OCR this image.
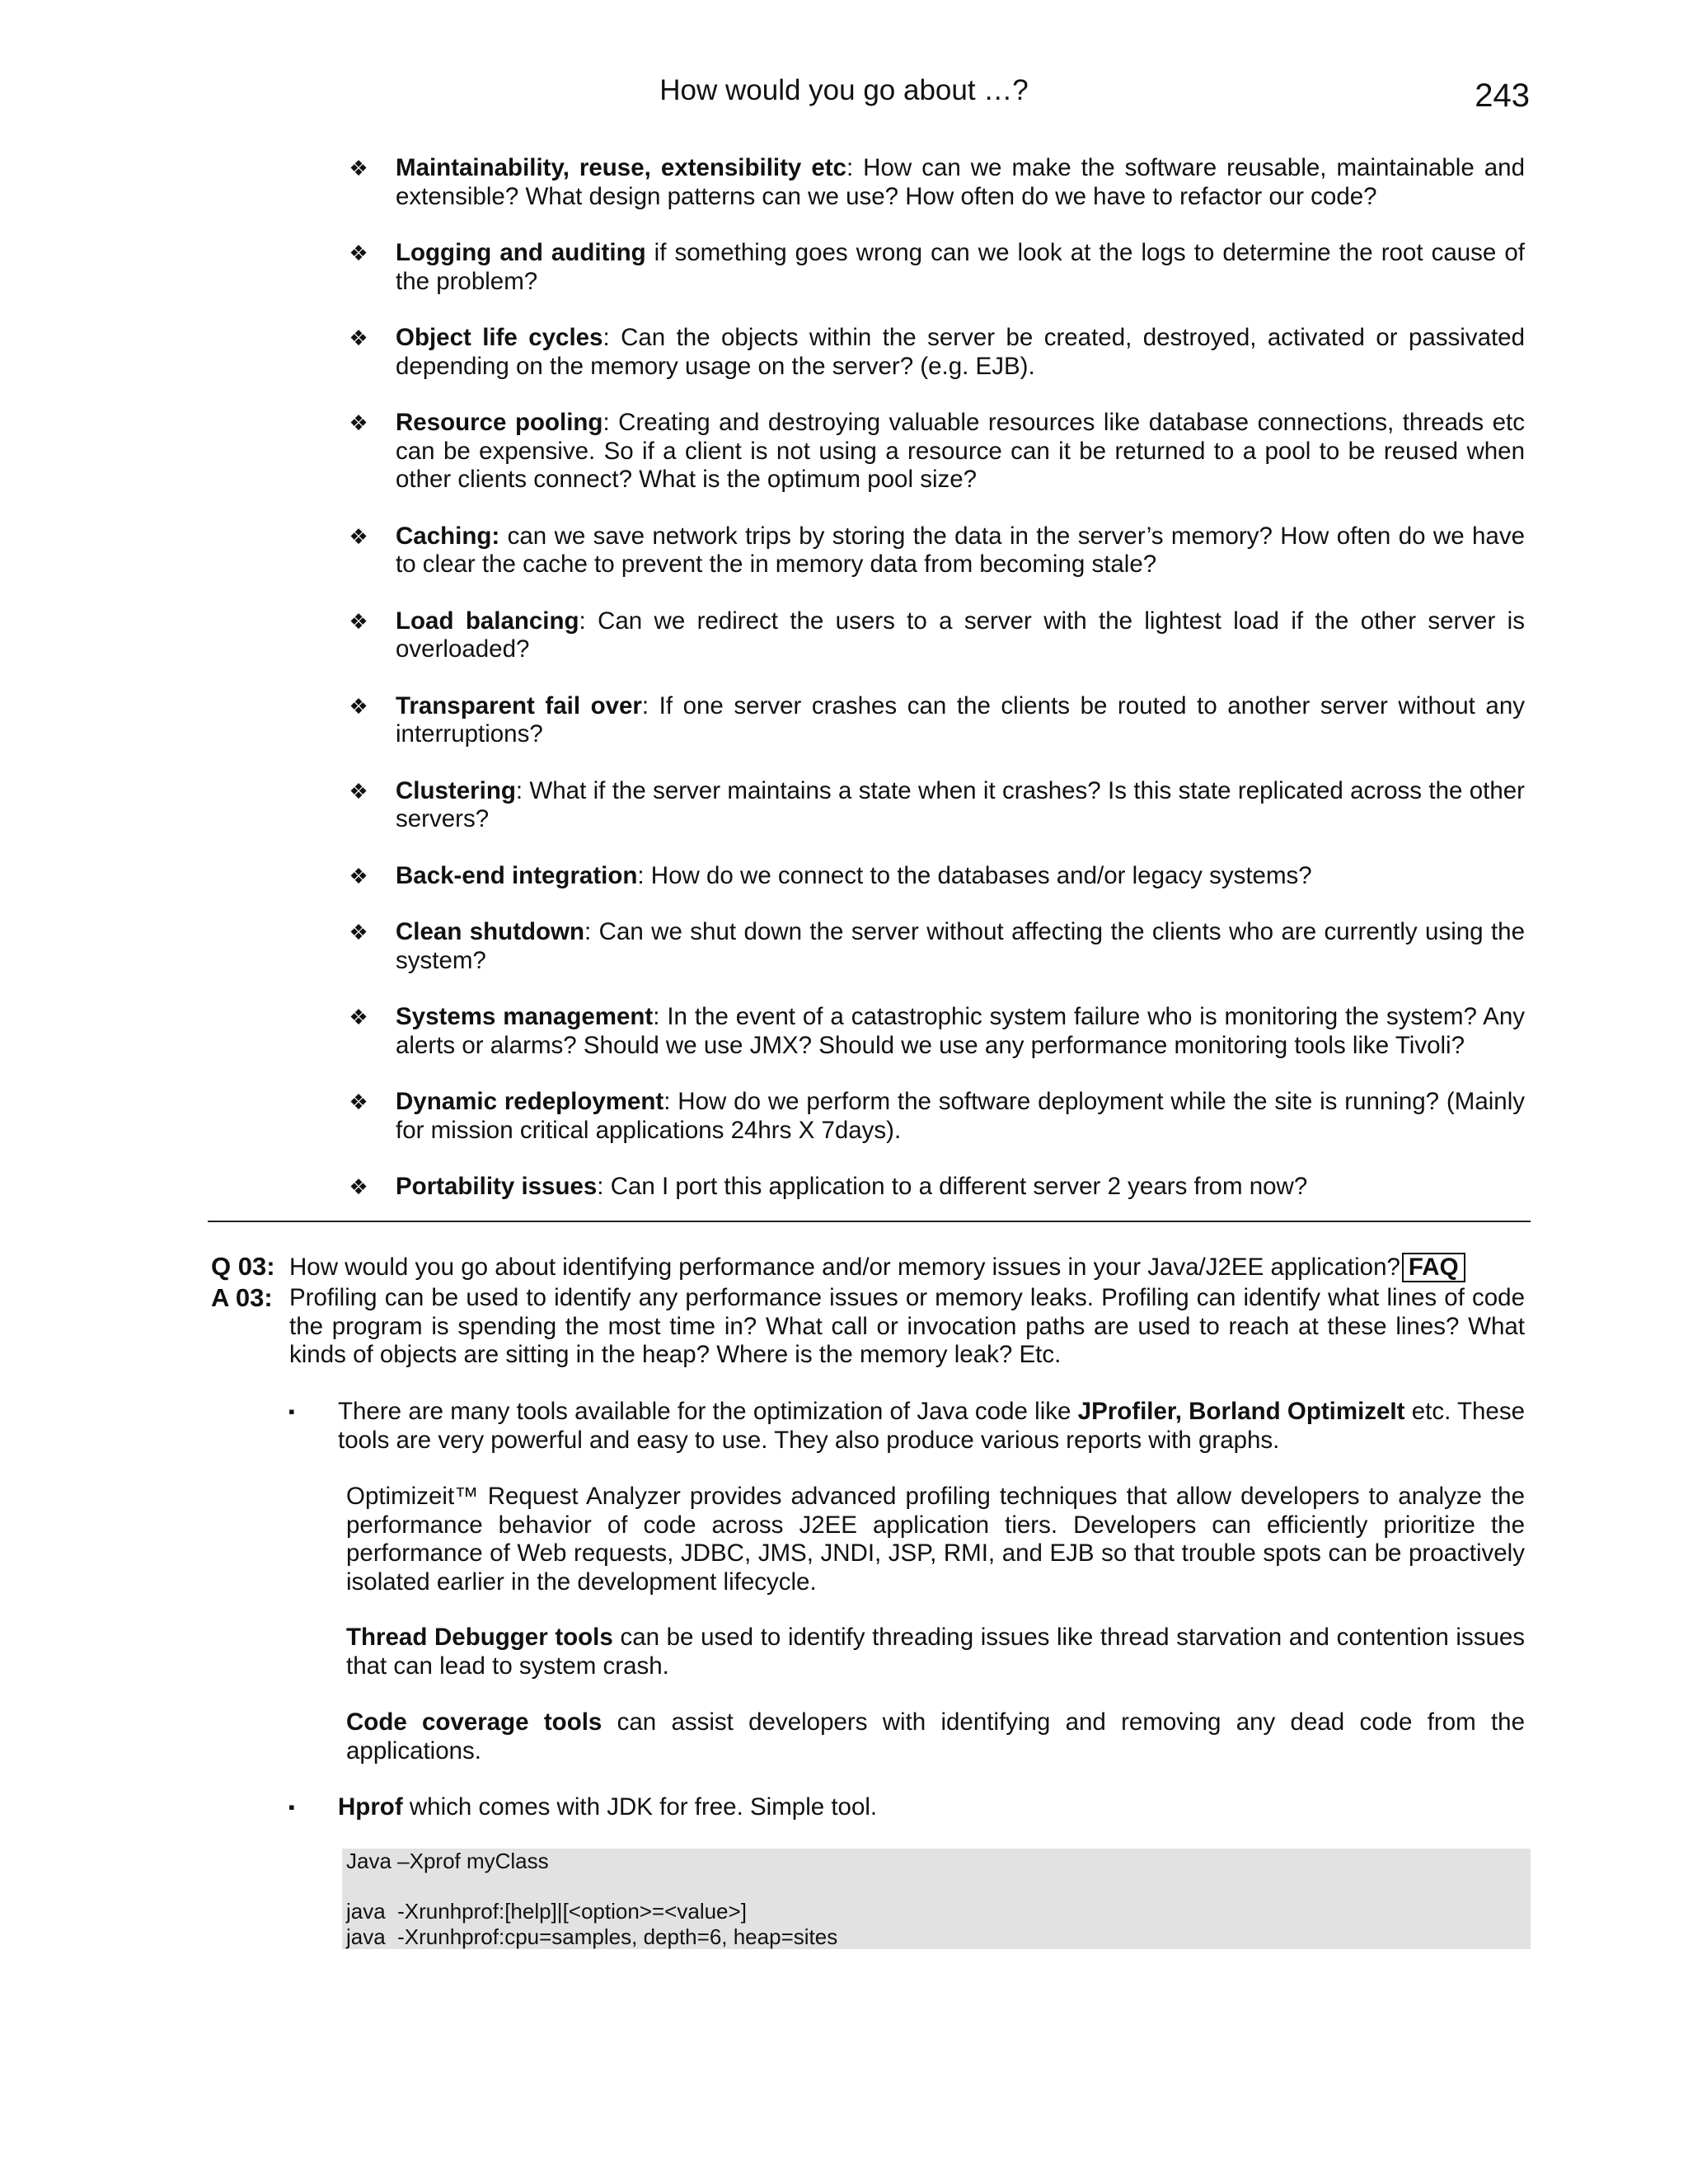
How would you go about …?	243
❖ Maintainability, reuse, extensibility etc: How can we make the software reusable, maintainable and extensible? What design patterns can we use? How often do we have to refactor our code?
❖ Logging and auditing if something goes wrong can we look at the logs to determine the root cause of the problem?
❖ Object life cycles: Can the objects within the server be created, destroyed, activated or passivated depending on the memory usage on the server? (e.g. EJB).
❖ Resource pooling: Creating and destroying valuable resources like database connections, threads etc can be expensive. So if a client is not using a resource can it be returned to a pool to be reused when other clients connect? What is the optimum pool size?
❖ Caching: can we save network trips by storing the data in the server’s memory? How often do we have to clear the cache to prevent the in memory data from becoming stale?
❖ Load balancing: Can we redirect the users to a server with the lightest load if the other server is overloaded?
❖ Transparent fail over: If one server crashes can the clients be routed to another server without any interruptions?
❖ Clustering: What if the server maintains a state when it crashes? Is this state replicated across the other servers?
❖ Back-end integration: How do we connect to the databases and/or legacy systems?
❖ Clean shutdown: Can we shut down the server without affecting the clients who are currently using the system?
❖ Systems management: In the event of a catastrophic system failure who is monitoring the system? Any alerts or alarms? Should we use JMX? Should we use any performance monitoring tools like Tivoli?
❖ Dynamic redeployment: How do we perform the software deployment while the site is running? (Mainly for mission critical applications 24hrs X 7days).
❖ Portability issues: Can I port this application to a different server 2 years from now?
Q 03: How would you go about identifying performance and/or memory issues in your Java/J2EE application? FAQ
A 03: Profiling can be used to identify any performance issues or memory leaks. Profiling can identify what lines of code the program is spending the most time in? What call or invocation paths are used to reach at these lines? What kinds of objects are sitting in the heap? Where is the memory leak? Etc.
▪ There are many tools available for the optimization of Java code like JProfiler, Borland OptimizeIt etc. These tools are very powerful and easy to use. They also produce various reports with graphs.
Optimizeit™ Request Analyzer provides advanced profiling techniques that allow developers to analyze the performance behavior of code across J2EE application tiers. Developers can efficiently prioritize the performance of Web requests, JDBC, JMS, JNDI, JSP, RMI, and EJB so that trouble spots can be proactively isolated earlier in the development lifecycle.
Thread Debugger tools can be used to identify threading issues like thread starvation and contention issues that can lead to system crash.
Code coverage tools can assist developers with identifying and removing any dead code from the applications.
▪ Hprof which comes with JDK for free. Simple tool.
Java –Xprof myClass
java  -Xrunhprof:[help]|[<option>=<value>]
java  -Xrunhprof:cpu=samples, depth=6, heap=sites
